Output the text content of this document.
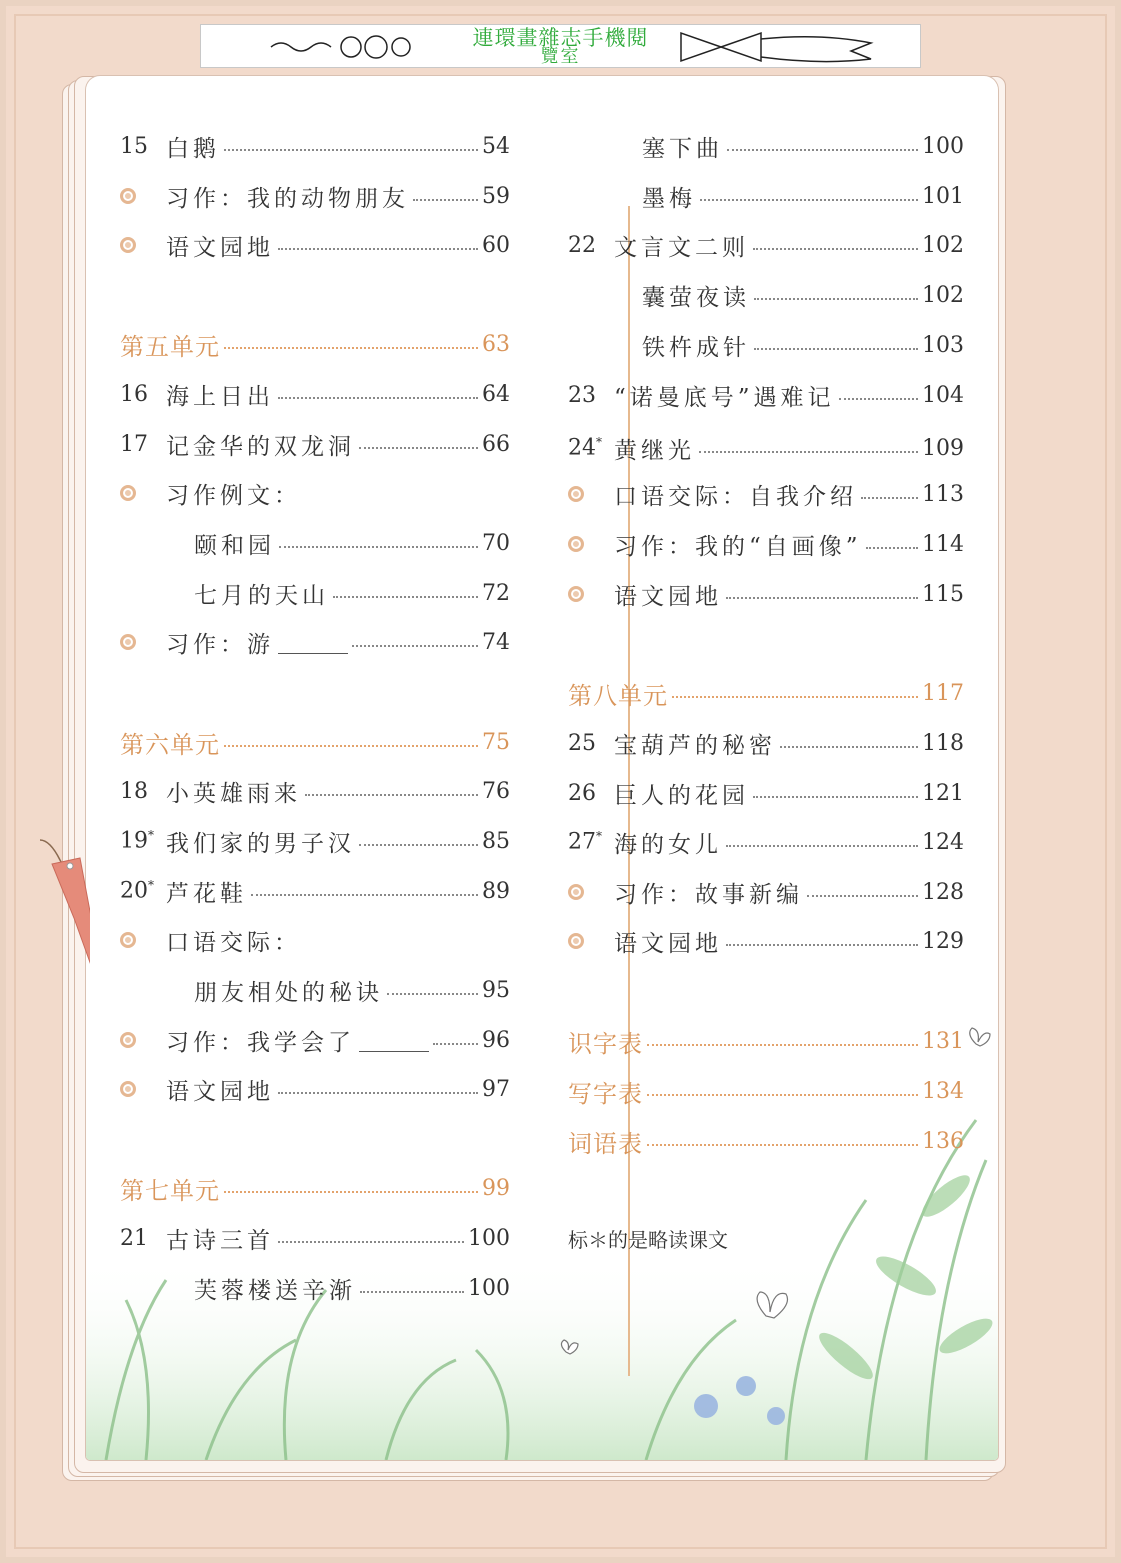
連環畫雜志手機閱
覽室
15 白鹅	54
习作：我的动物朋友	59
语文园地	60
第五单元	63
16 海上日出	64
17 记金华的双龙洞	66
习作例文：
颐和园	70
七月的天山	72
习作：游	74
第六单元	75
18 小英雄雨来	76
19* 我们家的男子汉	85
20* 芦花鞋	89
口语交际：
朋友相处的秘诀	95
习作：我学会了	96
语文园地	97
第七单元	99
21 古诗三首	100
芙蓉楼送辛渐	100
塞下曲	100
墨梅	101
22 文言文二则	102
囊萤夜读	102
铁杵成针	103
23 “诺曼底号”遇难记	104
24* 黄继光	109
口语交际：自我介绍	113
习作：我的“自画像”	114
语文园地	115
第八单元	117
25 宝葫芦的秘密	118
26 巨人的花园	121
27* 海的女儿	124
习作：故事新编	128
语文园地	129
识字表	131
写字表	134
词语表	136
标＊的是略读课文
